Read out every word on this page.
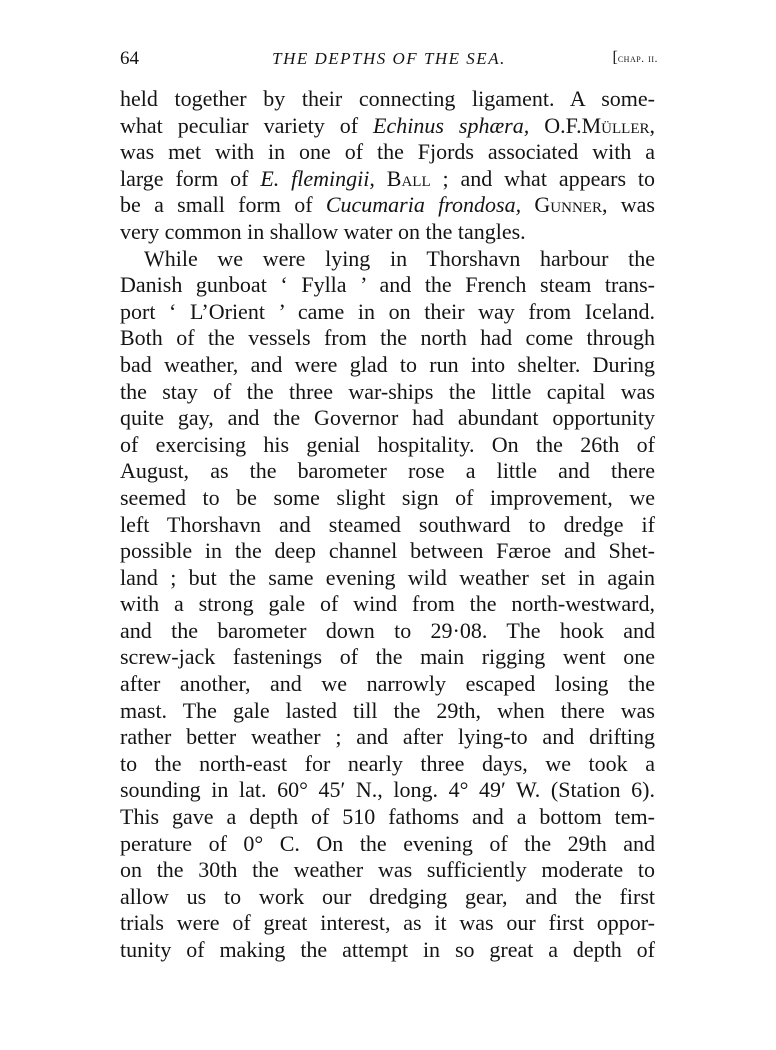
64	THE DEPTHS OF THE SEA.	[chap. ii.
held together by their connecting ligament. A some-
what peculiar variety of Echinus sphæra, O.F.Müller,
was met with in one of the Fjords associated with a
large form of E. flemingii, Ball ; and what appears to
be a small form of Cucumaria frondosa, Gunner, was
very common in shallow water on the tangles.
While we were lying in Thorshavn harbour the
Danish gunboat ‘ Fylla ’ and the French steam trans-
port ‘ L’Orient ’ came in on their way from Iceland.
Both of the vessels from the north had come through
bad weather, and were glad to run into shelter. During
the stay of the three war-ships the little capital was
quite gay, and the Governor had abundant opportunity
of exercising his genial hospitality. On the 26th of
August, as the barometer rose a little and there
seemed to be some slight sign of improvement, we
left Thorshavn and steamed southward to dredge if
possible in the deep channel between Færoe and Shet-
land ; but the same evening wild weather set in again
with a strong gale of wind from the north-westward,
and the barometer down to 29·08. The hook and
screw-jack fastenings of the main rigging went one
after another, and we narrowly escaped losing the
mast. The gale lasted till the 29th, when there was
rather better weather ; and after lying-to and drifting
to the north-east for nearly three days, we took a
sounding in lat. 60° 45′ N., long. 4° 49′ W. (Station 6).
This gave a depth of 510 fathoms and a bottom tem-
perature of 0° C. On the evening of the 29th and
on the 30th the weather was sufficiently moderate to
allow us to work our dredging gear, and the first
trials were of great interest, as it was our first oppor-
tunity of making the attempt in so great a depth of
